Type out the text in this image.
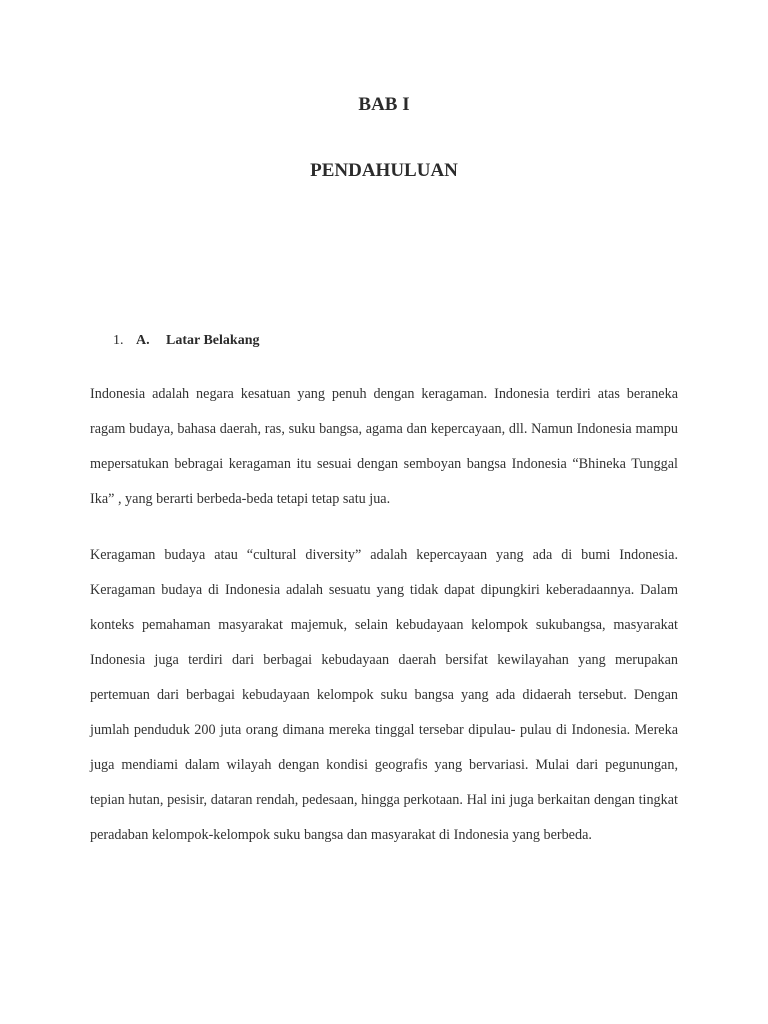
BAB I
PENDAHULUAN
1. A. Latar Belakang

Indonesia adalah negara kesatuan yang penuh dengan keragaman. Indonesia terdiri atas beraneka ragam budaya, bahasa daerah, ras, suku bangsa, agama dan kepercayaan, dll. Namun Indonesia mampu mepersatukan bebragai keragaman itu sesuai dengan semboyan bangsa Indonesia “Bhineka Tunggal Ika” , yang berarti berbeda-beda tetapi tetap satu jua.

Keragaman budaya atau “cultural diversity” adalah kepercayaan yang ada di bumi Indonesia. Keragaman budaya di Indonesia adalah sesuatu yang tidak dapat dipungkiri keberadaannya. Dalam konteks pemahaman masyarakat majemuk, selain kebudayaan kelompok sukubangsa, masyarakat Indonesia juga terdiri dari berbagai kebudayaan daerah bersifat kewilayahan yang merupakan pertemuan dari berbagai kebudayaan kelompok suku bangsa yang ada didaerah tersebut. Dengan jumlah penduduk 200 juta orang dimana mereka tinggal tersebar dipulau- pulau di Indonesia. Mereka juga mendiami dalam wilayah dengan kondisi geografis yang bervariasi. Mulai dari pegunungan, tepian hutan, pesisir, dataran rendah, pedesaan, hingga perkotaan. Hal ini juga berkaitan dengan tingkat peradaban kelompok-kelompok suku bangsa dan masyarakat di Indonesia yang berbeda.
